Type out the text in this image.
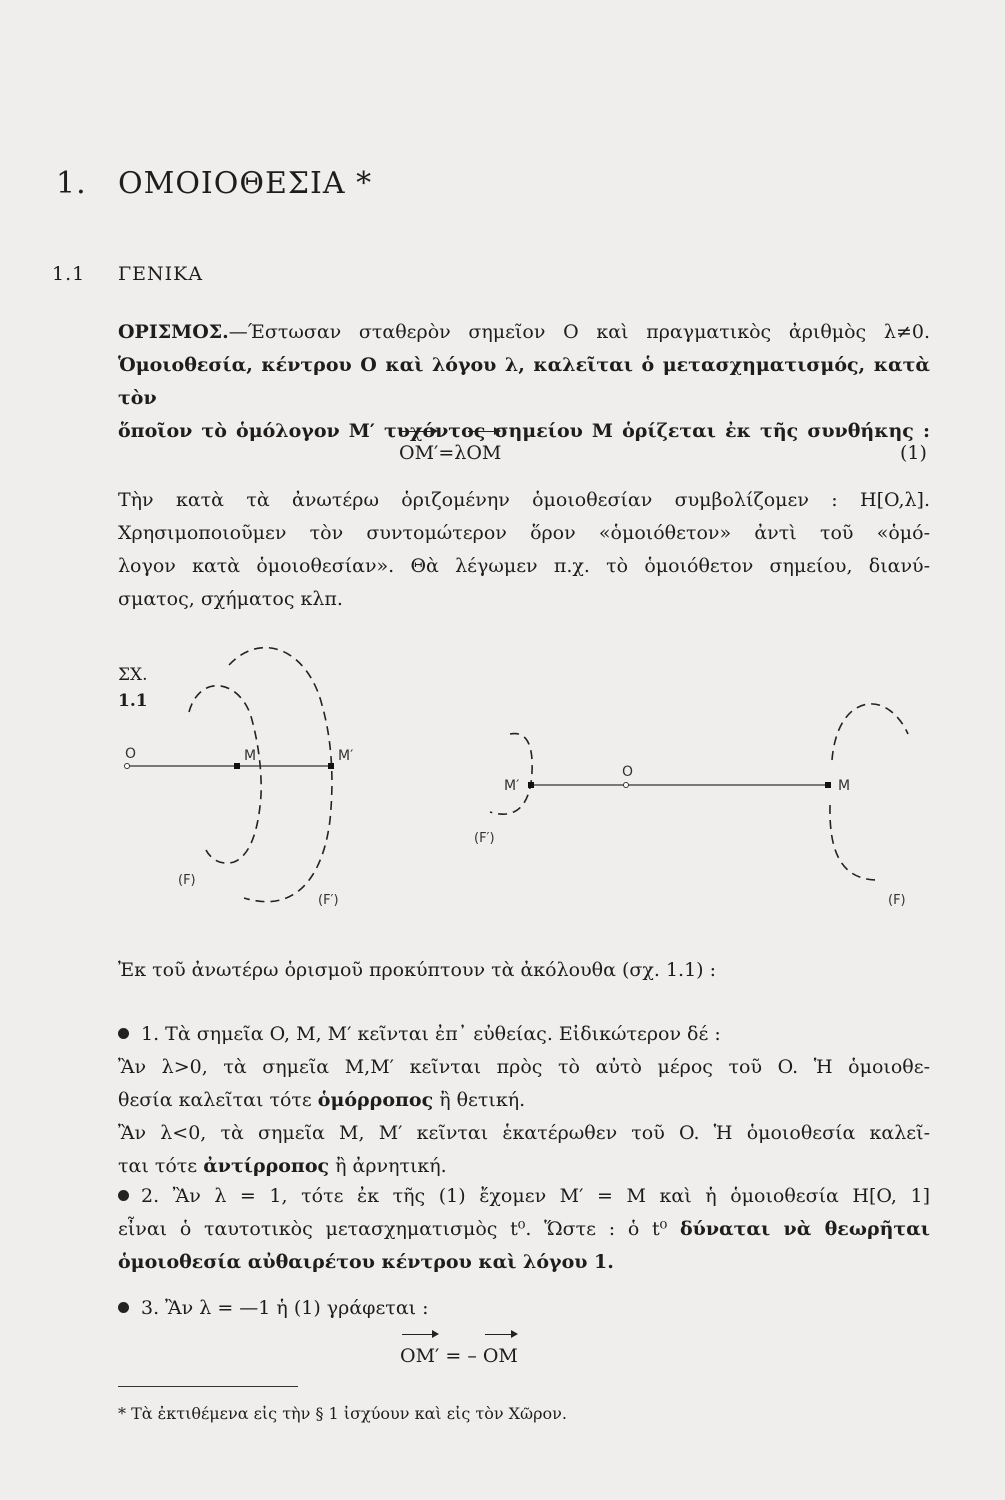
1. ΟΜΟΙΟΘΕΣΙΑ *
1.1 ΓΕΝΙΚΑ
ΟΡΙΣΜΟΣ.—Έστωσαν σταθερὸν σημεῖον O καὶ πραγματικὸς ἀριθμὸς λ≠0.
Ὁμοιοθεσία, κέντρου O καὶ λόγου λ, καλεῖται ὁ μετασχηματισμός, κατὰ τὸν
ὅποῖον τὸ ὁμόλογον M′ τυχόντος σημείου M ὁρίζεται ἐκ τῆς συνθήκης :
OM′=λOM	(1)
Τὴν κατὰ τὰ ἀνωτέρω ὁριζομένην ὁμοιοθεσίαν συμβολίζομεν : H[O,λ].
Χρησιμοποιοῦμεν τὸν συντομώτερον ὅρον «ὁμοιόθετον» ἀντὶ τοῦ «ὁμό-
λογον κατὰ ὁμοιοθεσίαν». Θὰ λέγωμεν π.χ. τὸ ὁμοιόθετον σημείου, διανύ-
σματος, σχήματος κλπ.
ΣΧ.
1.1
O	M	M′
(F)
(F′)
O
M′	M
(F′)
(F)
Ἐκ τοῦ ἀνωτέρω ὁρισμοῦ προκύπτουν τὰ ἀκόλουθα (σχ. 1.1) :
1. Τὰ σημεῖα O, M, M′ κεῖνται ἐπ᾽ εὐθείας. Εἰδικώτερον δέ :
Ἂν λ>0, τὰ σημεῖα M,M′ κεῖνται πρὸς τὸ αὐτὸ μέρος τοῦ O. Ἡ ὁμοιοθε-
θεσία καλεῖται τότε ὁμόρροπος ἢ θετική.
Ἂν λ<0, τὰ σημεῖα M, M′ κεῖνται ἑκατέρωθεν τοῦ O. Ἡ ὁμοιοθεσία καλεῖ-
ται τότε ἀντίρροπος ἢ ἀρνητική.
2. Ἂν λ = 1, τότε ἐκ τῆς (1) ἔχομεν M′ = M καὶ ἡ ὁμοιοθεσία H[O, 1]
εἶναι ὁ ταυτοτικὸς μετασχηματισμὸς t⁰. Ὥστε : ὁ t⁰ δύναται νὰ θεωρῆται
ὁμοιοθεσία αὐθαιρέτου κέντρου καὶ λόγου 1.
3. Ἂν λ = —1 ἡ (1) γράφεται :
OM′ = – OM
* Τὰ ἐκτιθέμενα εἰς τὴν § 1 ἰσχύουν καὶ εἰς τὸν Χῶρον.
